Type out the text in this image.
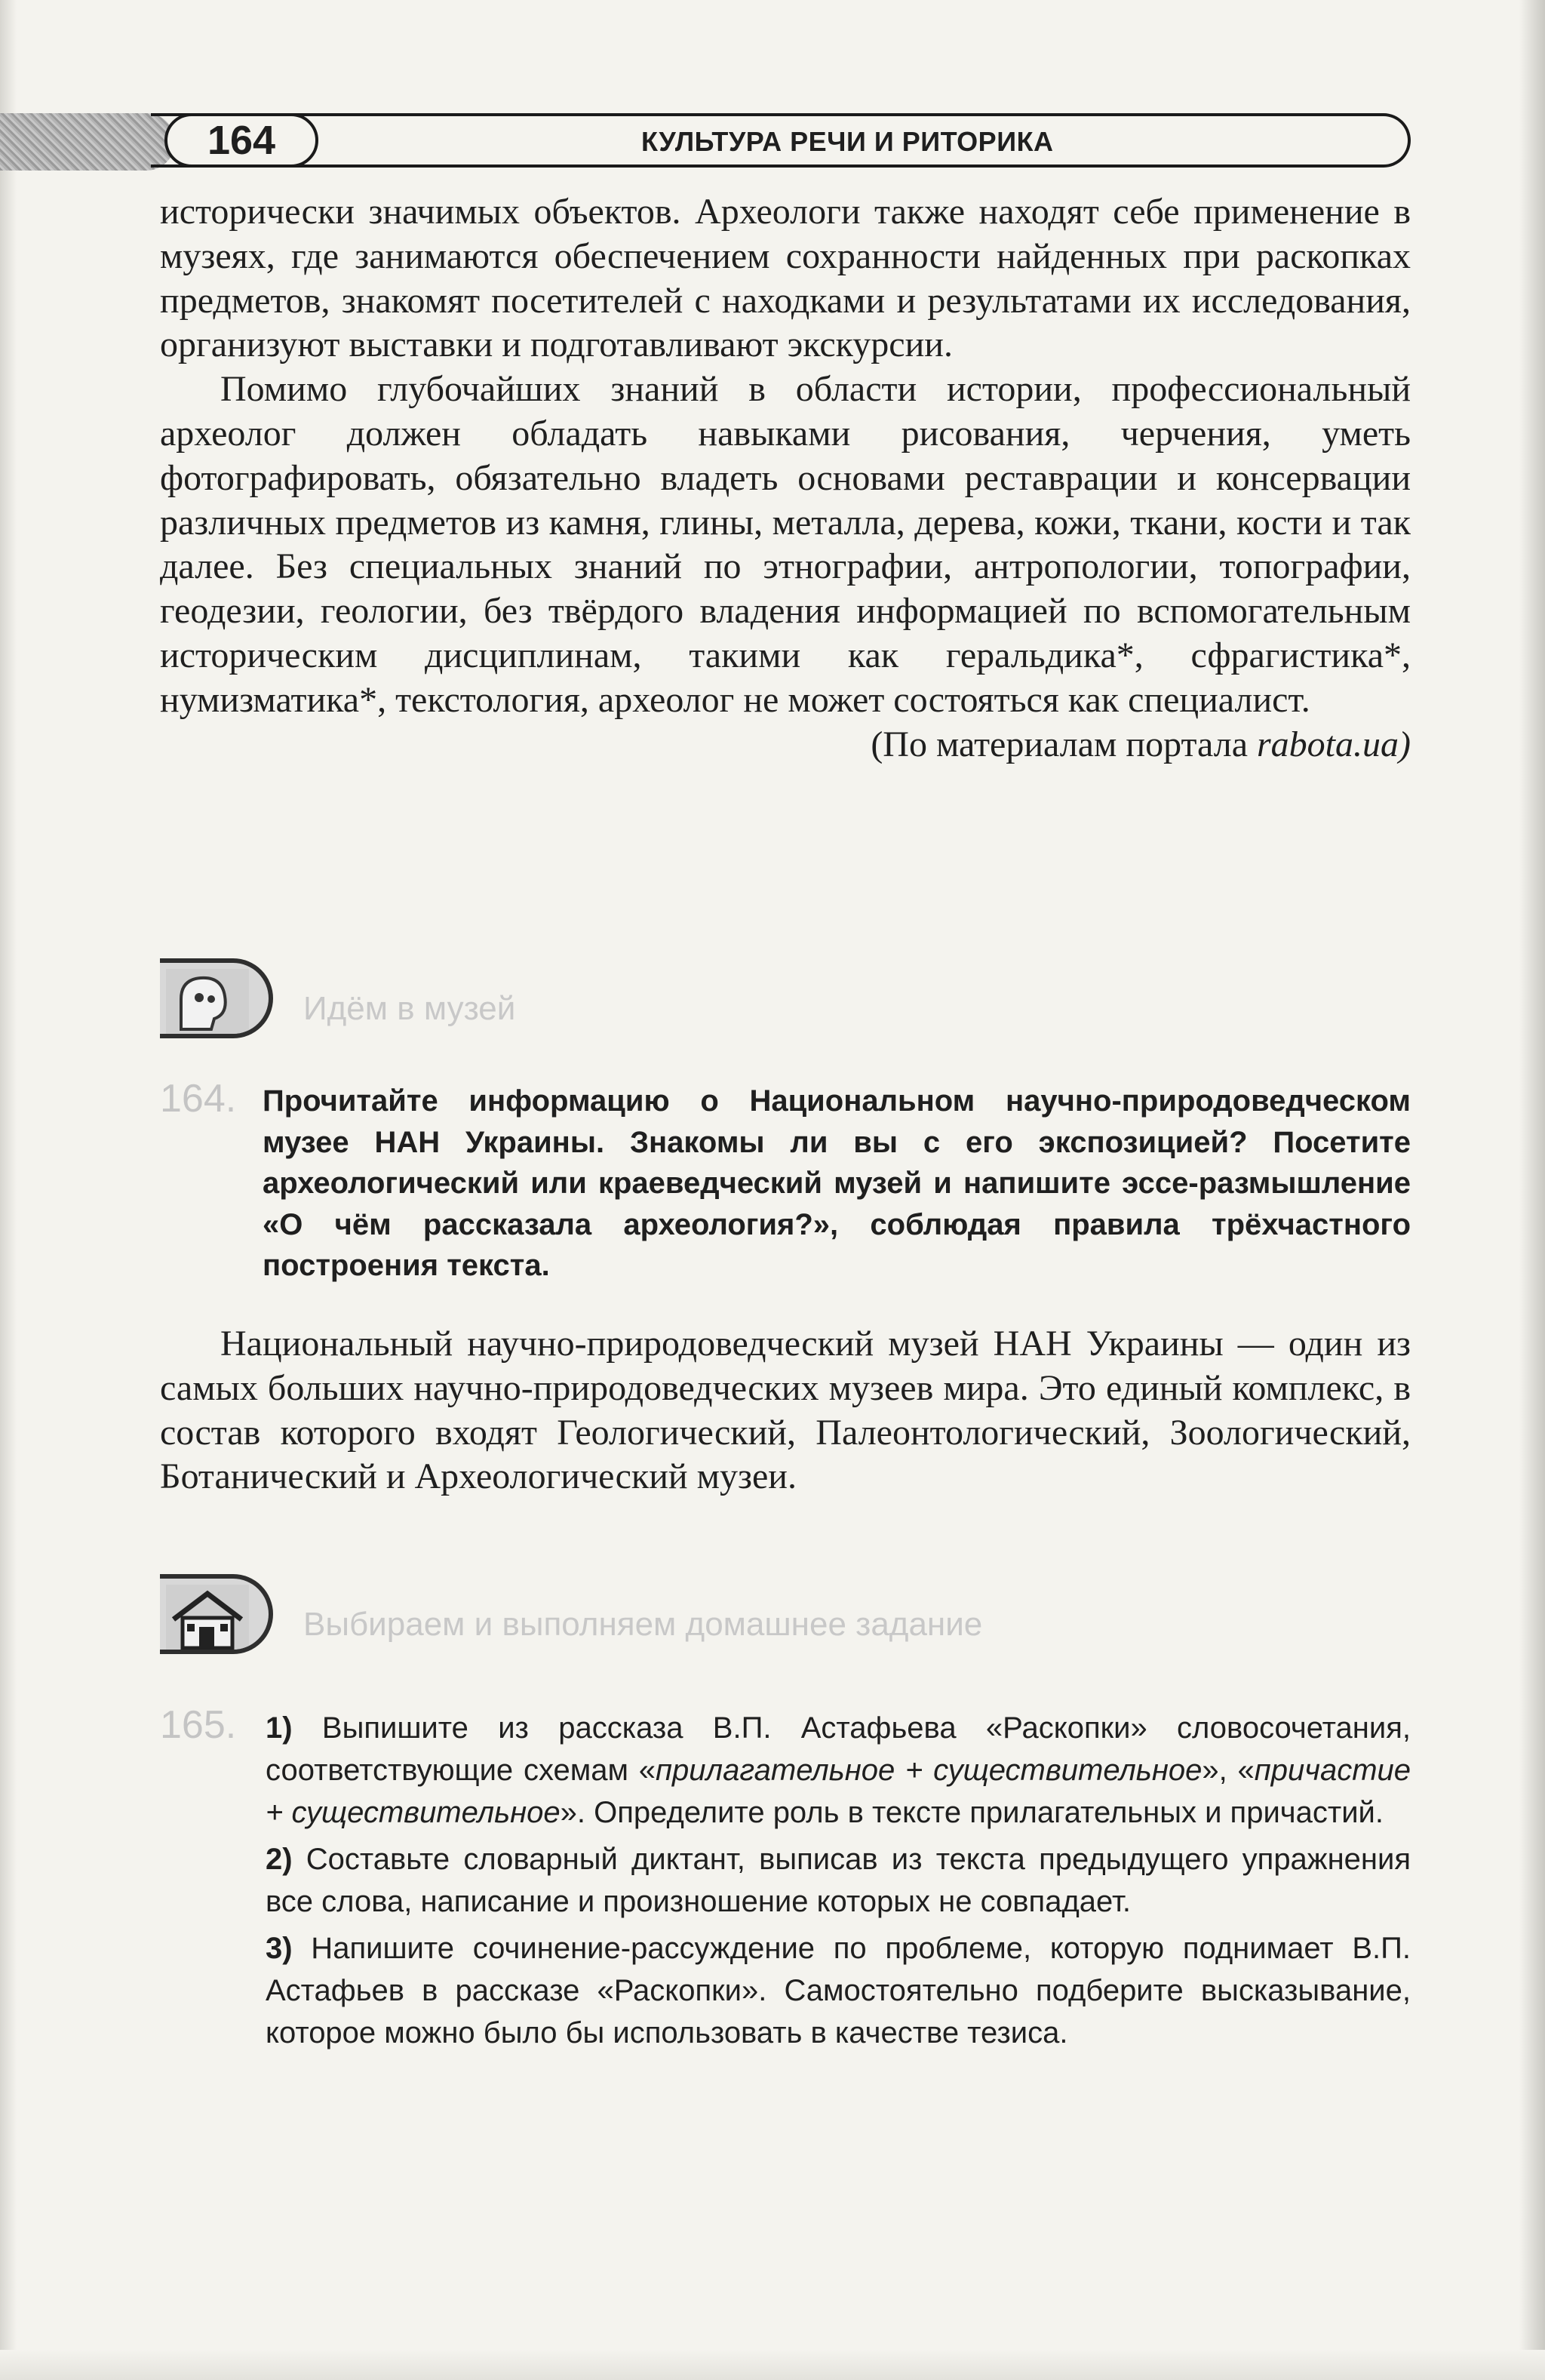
164	КУЛЬТУРА РЕЧИ И РИТОРИКА

исторически значимых объектов. Археологи также находят себе применение в музеях, где занимаются обеспечением сохранности найденных при раскопках предметов, знакомят посетителей с находками и результатами их исследования, организуют выставки и подготавливают экскурсии.

Помимо глубочайших знаний в области истории, профессиональный археолог должен обладать навыками рисования, черчения, уметь фотографировать, обязательно владеть основами реставрации и консервации различных предметов из камня, глины, металла, дерева, кожи, ткани, кости и так далее. Без специальных знаний по этнографии, антропологии, топографии, геодезии, геологии, без твёрдого владения информацией по вспомогательным историческим дисциплинам, такими как геральдика*, сфрагистика*, нумизматика*, текстология, археолог не может состояться как специалист.

(По материалам портала rabota.ua)

Идём в музей
164. Прочитайте информацию о Национальном научно-природоведческом музее НАН Украины. Знакомы ли вы с его экспозицией? Посетите археологический или краеведческий музей и напишите эссе-размышление «О чём рассказала археология?», соблюдая правила трёхчастного построения текста.

Национальный научно-природоведческий музей НАН Украины — один из самых больших научно-природоведческих музеев мира. Это единый комплекс, в состав которого входят Геологический, Палеонтологический, Зоологический, Ботанический и Археологический музеи.

Выбираем и выполняем домашнее задание
165. 1) Выпишите из рассказа В.П. Астафьева «Раскопки» словосочетания, соответствующие схемам «прилагательное + существительное», «причастие + существительное». Определите роль в тексте прилагательных и причастий.

2) Составьте словарный диктант, выписав из текста предыдущего упражнения все слова, написание и произношение которых не совпадает.

3) Напишите сочинение-рассуждение по проблеме, которую поднимает В.П. Астафьев в рассказе «Раскопки». Самостоятельно подберите высказывание, которое можно было бы использовать в качестве тезиса.
